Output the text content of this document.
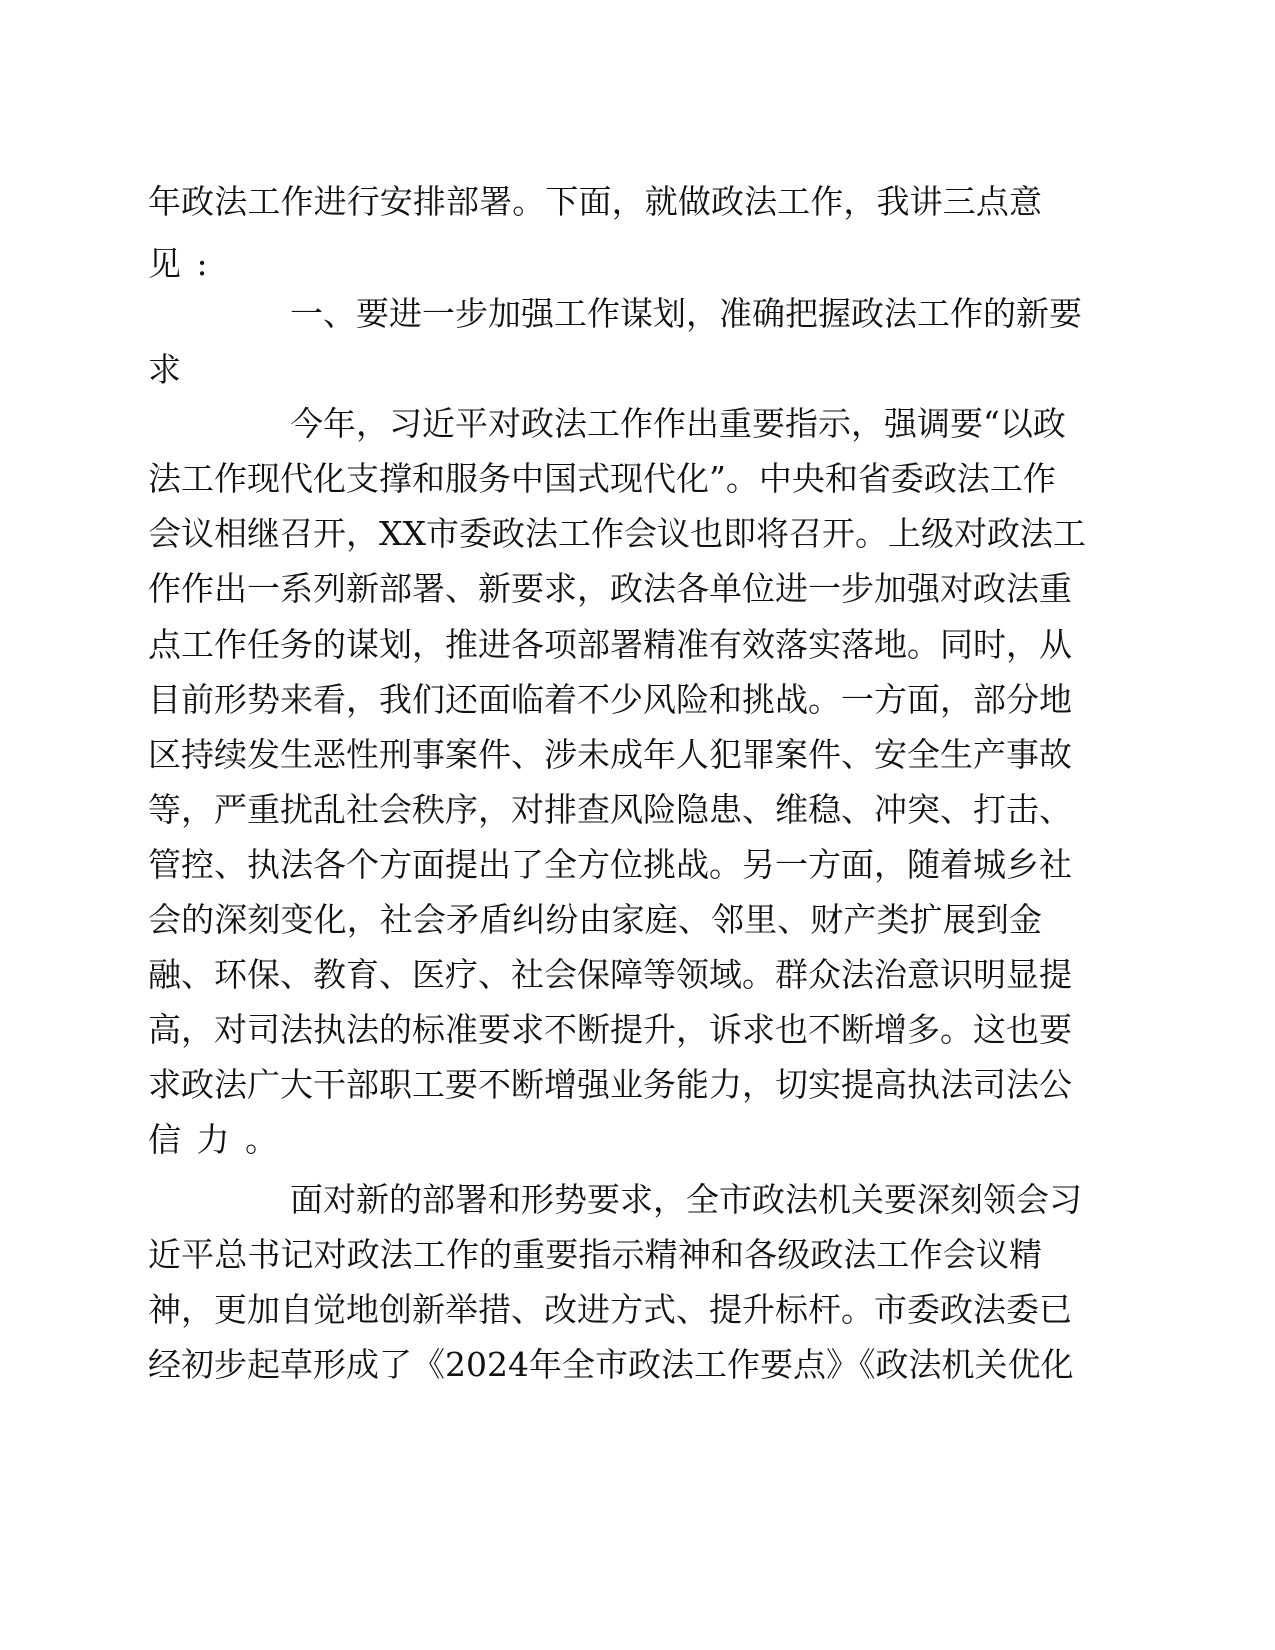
年政法工作进行安排部署。下面，就做政法工作，我讲三点意
见:
一、要进一步加强工作谋划，准确把握政法工作的新要
求
今年，习近平对政法工作作出重要指示，强调要“以政
法工作现代化支撑和服务中国式现代化”。中央和省委政法工作
会议相继召开，XX市委政法工作会议也即将召开。上级对政法工
作作出一系列新部署、新要求，政法各单位进一步加强对政法重
点工作任务的谋划，推进各项部署精准有效落实落地。同时，从
目前形势来看，我们还面临着不少风险和挑战。一方面，部分地
区持续发生恶性刑事案件、涉未成年人犯罪案件、安全生产事故
等，严重扰乱社会秩序，对排查风险隐患、维稳、冲突、打击、
管控、执法各个方面提出了全方位挑战。另一方面，随着城乡社
会的深刻变化，社会矛盾纠纷由家庭、邻里、财产类扩展到金
融、环保、教育、医疗、社会保障等领域。群众法治意识明显提
高，对司法执法的标准要求不断提升，诉求也不断增多。这也要
求政法广大干部职工要不断增强业务能力，切实提高执法司法公
信力。
面对新的部署和形势要求，全市政法机关要深刻领会习
近平总书记对政法工作的重要指示精神和各级政法工作会议精
神，更加自觉地创新举措、改进方式、提升标杆。市委政法委已
经初步起草形成了《2024年全市政法工作要点》《政法机关优化
